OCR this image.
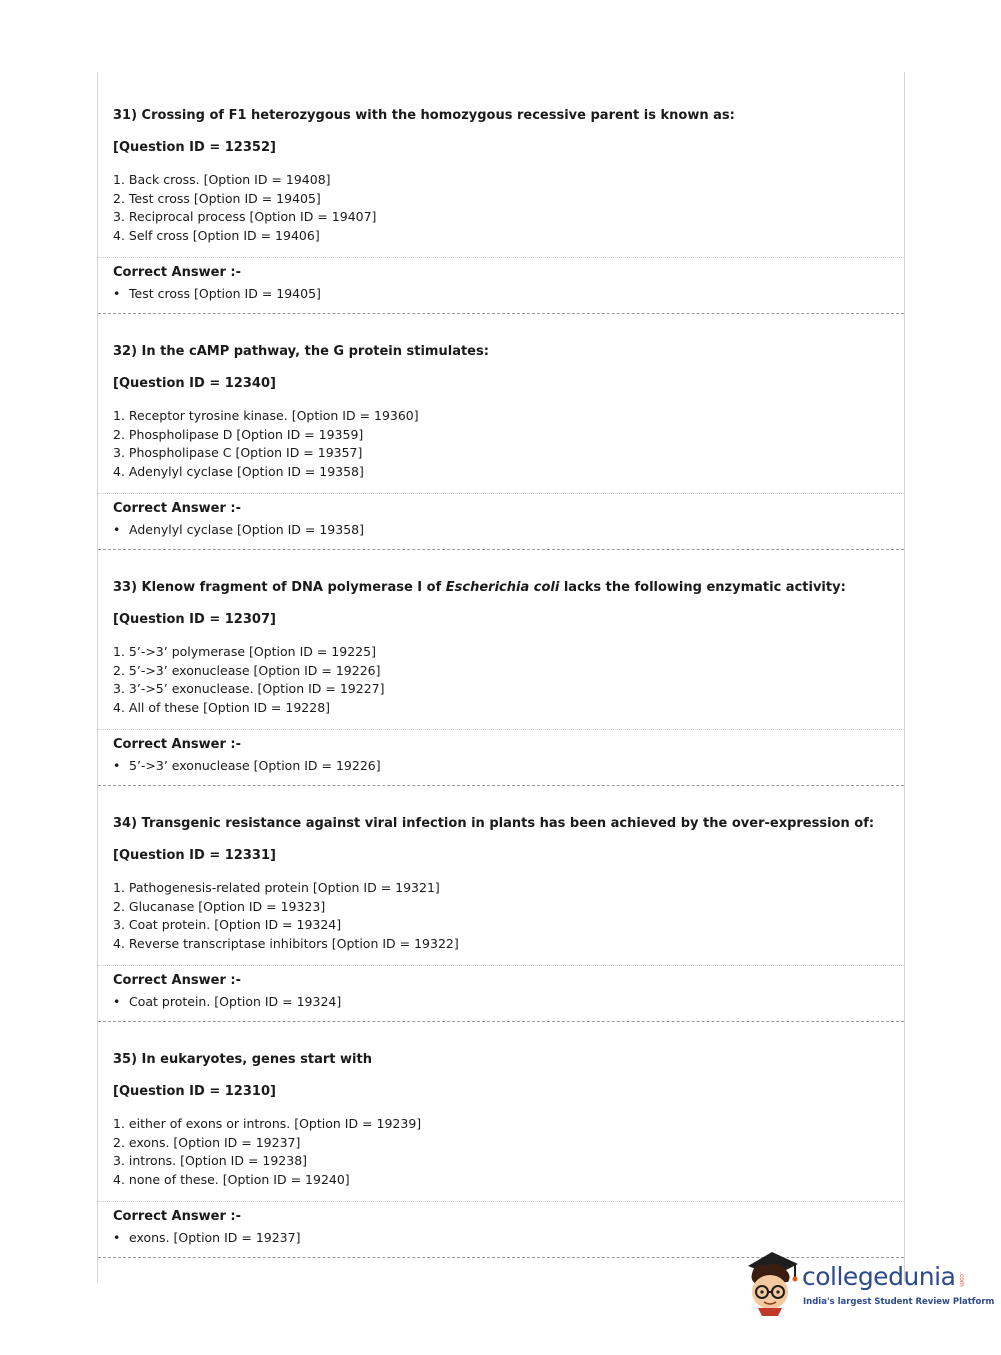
31) Crossing of F1 heterozygous with the homozygous recessive parent is known as:
[Question ID = 12352]
1. Back cross. [Option ID = 19408]
2. Test cross [Option ID = 19405]
3. Reciprocal process [Option ID = 19407]
4. Self cross [Option ID = 19406]
Correct Answer :-
• Test cross [Option ID = 19405]
32) In the cAMP pathway, the G protein stimulates:
[Question ID = 12340]
1. Receptor tyrosine kinase. [Option ID = 19360]
2. Phospholipase D [Option ID = 19359]
3. Phospholipase C [Option ID = 19357]
4. Adenylyl cyclase [Option ID = 19358]
Correct Answer :-
• Adenylyl cyclase [Option ID = 19358]
33) Klenow fragment of DNA polymerase I of Escherichia coli lacks the following enzymatic activity:
[Question ID = 12307]
1. 5’->3’ polymerase [Option ID = 19225]
2. 5’->3’ exonuclease [Option ID = 19226]
3. 3’->5’ exonuclease. [Option ID = 19227]
4. All of these [Option ID = 19228]
Correct Answer :-
• 5’->3’ exonuclease [Option ID = 19226]
34) Transgenic resistance against viral infection in plants has been achieved by the over-expression of:
[Question ID = 12331]
1. Pathogenesis-related protein [Option ID = 19321]
2. Glucanase [Option ID = 19323]
3. Coat protein. [Option ID = 19324]
4. Reverse transcriptase inhibitors [Option ID = 19322]
Correct Answer :-
• Coat protein. [Option ID = 19324]
35) In eukaryotes, genes start with
[Question ID = 12310]
1. either of exons or introns. [Option ID = 19239]
2. exons. [Option ID = 19237]
3. introns. [Option ID = 19238]
4. none of these. [Option ID = 19240]
Correct Answer :-
• exons. [Option ID = 19237]
collegedunia .com
India's largest Student Review Platform
